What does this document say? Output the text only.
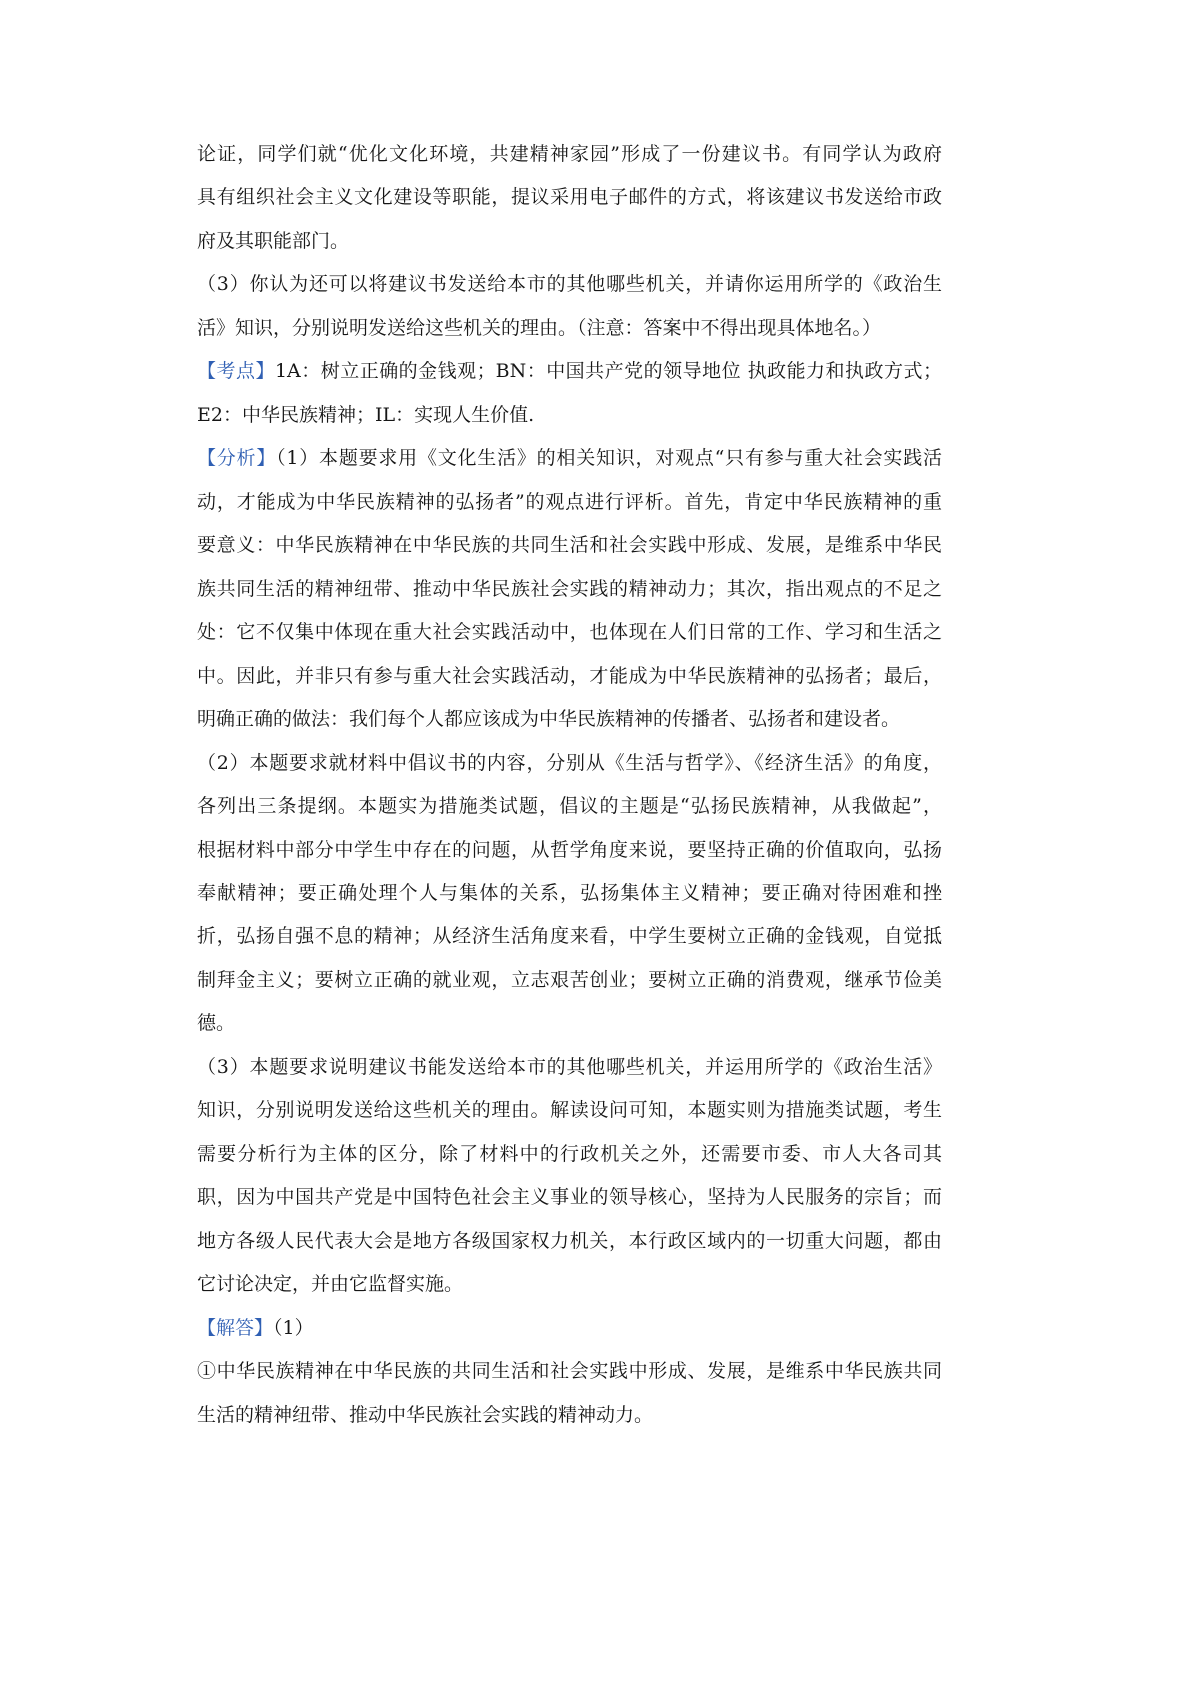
论证，同学们就“优化文化环境，共建精神家园”形成了一份建议书。有同学认为政府
具有组织社会主义文化建设等职能，提议采用电子邮件的方式，将该建议书发送给市政
府及其职能部门。
（3）你认为还可以将建议书发送给本市的其他哪些机关，并请你运用所学的《政治生
活》知识，分别说明发送给这些机关的理由。（注意：答案中不得出现具体地名。）
【考点】1A：树立正确的金钱观；BN：中国共产党的领导地位 执政能力和执政方式；
E2：中华民族精神；IL：实现人生价值.
【分析】（1）本题要求用《文化生活》的相关知识，对观点“只有参与重大社会实践活
动，才能成为中华民族精神的弘扬者”的观点进行评析。首先，肯定中华民族精神的重
要意义：中华民族精神在中华民族的共同生活和社会实践中形成、发展，是维系中华民
族共同生活的精神纽带、推动中华民族社会实践的精神动力；其次，指出观点的不足之
处：它不仅集中体现在重大社会实践活动中，也体现在人们日常的工作、学习和生活之
中。因此，并非只有参与重大社会实践活动，才能成为中华民族精神的弘扬者；最后，
明确正确的做法：我们每个人都应该成为中华民族精神的传播者、弘扬者和建设者。
（2）本题要求就材料中倡议书的内容，分别从《生活与哲学》、《经济生活》的角度，
各列出三条提纲。本题实为措施类试题，倡议的主题是“弘扬民族精神，从我做起”，
根据材料中部分中学生中存在的问题，从哲学角度来说，要坚持正确的价值取向，弘扬
奉献精神；要正确处理个人与集体的关系，弘扬集体主义精神；要正确对待困难和挫
折，弘扬自强不息的精神；从经济生活角度来看，中学生要树立正确的金钱观，自觉抵
制拜金主义；要树立正确的就业观，立志艰苦创业；要树立正确的消费观，继承节俭美
德。
（3）本题要求说明建议书能发送给本市的其他哪些机关，并运用所学的《政治生活》
知识，分别说明发送给这些机关的理由。解读设问可知，本题实则为措施类试题，考生
需要分析行为主体的区分，除了材料中的行政机关之外，还需要市委、市人大各司其
职，因为中国共产党是中国特色社会主义事业的领导核心，坚持为人民服务的宗旨；而
地方各级人民代表大会是地方各级国家权力机关，本行政区域内的一切重大问题，都由
它讨论决定，并由它监督实施。
【解答】（1）
①中华民族精神在中华民族的共同生活和社会实践中形成、发展，是维系中华民族共同
生活的精神纽带、推动中华民族社会实践的精神动力。
